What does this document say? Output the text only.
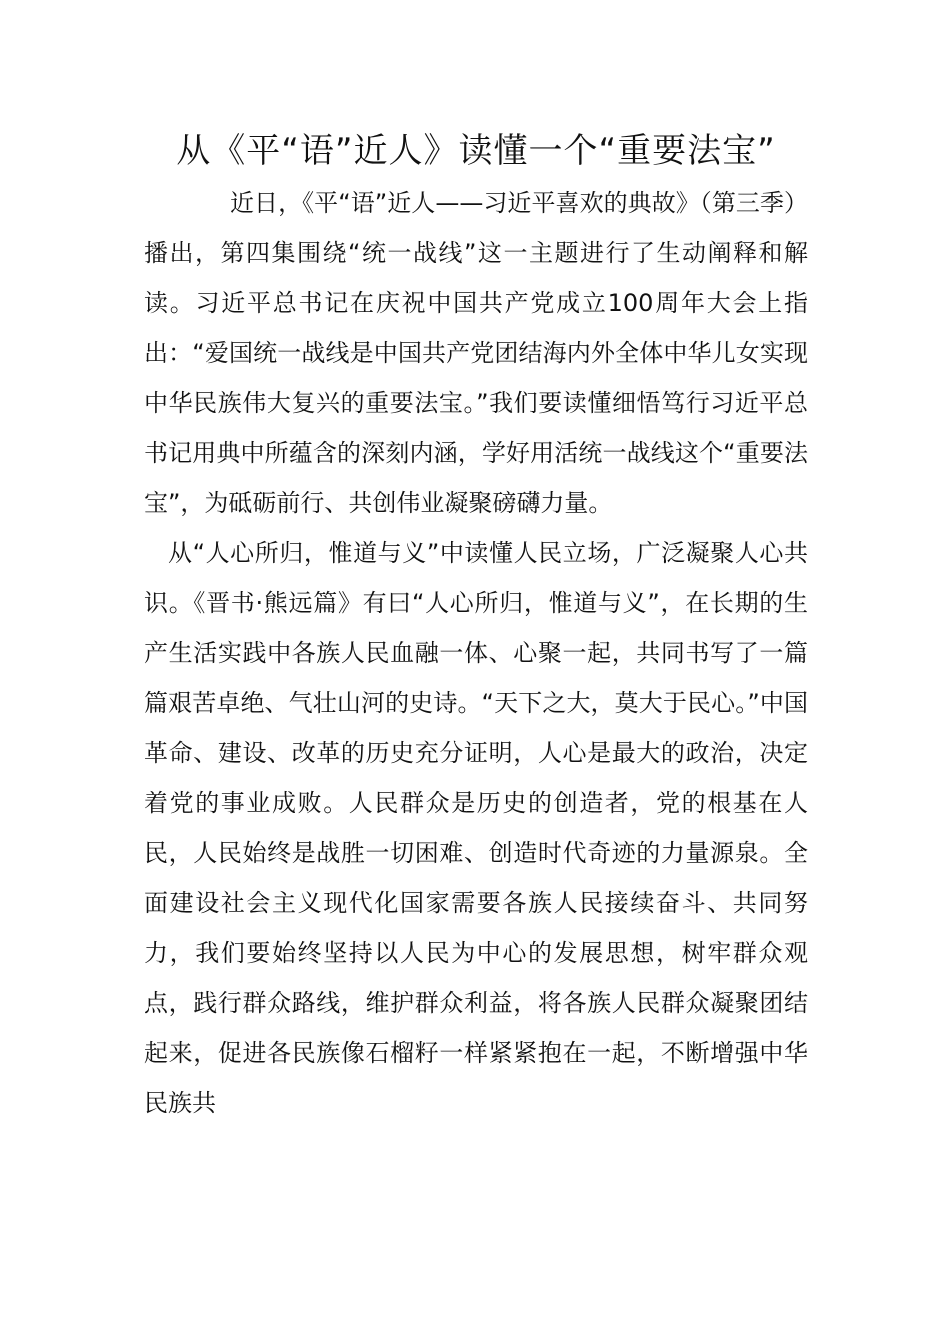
从《平“语”近人》读懂一个“重要法宝”

近日，《平“语”近人——习近平喜欢的典故》（第三季）播出，第四集围绕“统一战线”这一主题进行了生动阐释和解读。习近平总书记在庆祝中国共产党成立100周年大会上指出：“爱国统一战线是中国共产党团结海内外全体中华儿女实现中华民族伟大复兴的重要法宝。”我们要读懂细悟笃行习近平总书记用典中所蕴含的深刻内涵，学好用活统一战线这个“重要法宝”，为砥砺前行、共创伟业凝聚磅礴力量。

从“人心所归，惟道与义”中读懂人民立场，广泛凝聚人心共识。《晋书·熊远篇》有曰“人心所归，惟道与义”，在长期的生产生活实践中各族人民血融一体、心聚一起，共同书写了一篇篇艰苦卓绝、气壮山河的史诗。“天下之大，莫大于民心。”中国革命、建设、改革的历史充分证明，人心是最大的政治，决定着党的事业成败。人民群众是历史的创造者，党的根基在人民，人民始终是战胜一切困难、创造时代奇迹的力量源泉。全面建设社会主义现代化国家需要各族人民接续奋斗、共同努力，我们要始终坚持以人民为中心的发展思想，树牢群众观点，践行群众路线，维护群众利益，将各族人民群众凝聚团结起来，促进各民族像石榴籽一样紧紧抱在一起，不断增强中华民族共
